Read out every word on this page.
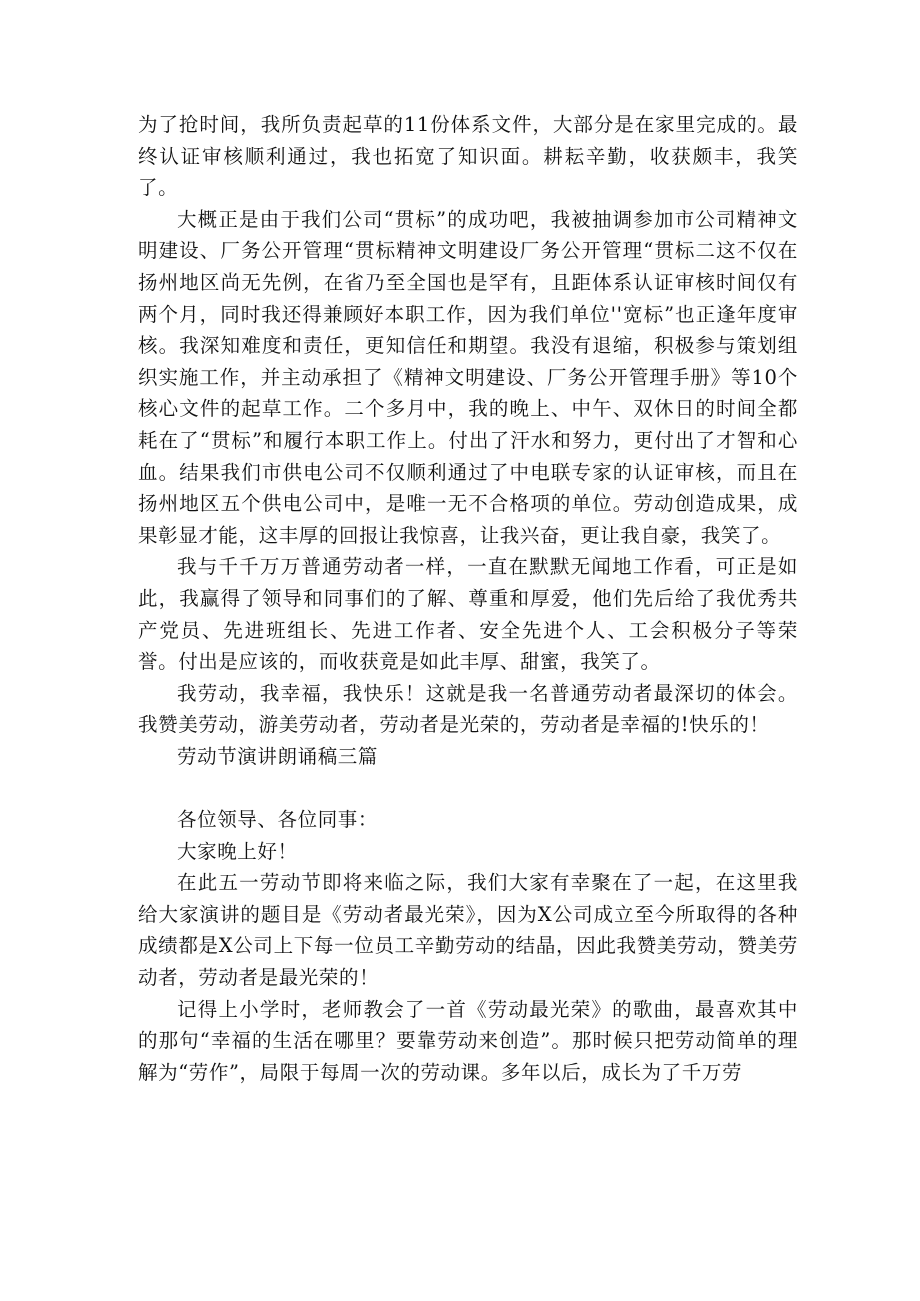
为了抢时间，我所负责起草的11份体系文件，大部分是在家里完成的。最终认证审核顺利通过，我也拓宽了知识面。耕耘辛勤，收获颇丰，我笑了。

大概正是由于我们公司“贯标”的成功吧，我被抽调参加市公司精神文明建设、厂务公开管理“贯标精神文明建设厂务公开管理“贯标二这不仅在扬州地区尚无先例，在省乃至全国也是罕有，且距体系认证审核时间仅有两个月，同时我还得兼顾好本职工作，因为我们单位''宽标”也正逢年度审核。我深知难度和责任，更知信任和期望。我没有退缩，积极参与策划组织实施工作，并主动承担了《精神文明建设、厂务公开管理手册》等10个核心文件的起草工作。二个多月中，我的晚上、中午、双休日的时间全都耗在了“贯标”和履行本职工作上。付出了汗水和努力，更付出了才智和心血。结果我们市供电公司不仅顺利通过了中电联专家的认证审核，而且在扬州地区五个供电公司中，是唯一无不合格项的单位。劳动创造成果，成果彰显才能，这丰厚的回报让我惊喜，让我兴奋，更让我自豪，我笑了。

我与千千万万普通劳动者一样，一直在默默无闻地工作看，可正是如此，我赢得了领导和同事们的了解、尊重和厚爱，他们先后给了我优秀共产党员、先进班组长、先进工作者、安全先进个人、工会积极分子等荣誉。付出是应该的，而收获竟是如此丰厚、甜蜜，我笑了。

我劳动，我幸福，我快乐！这就是我一名普通劳动者最深切的体会。我赞美劳动，游美劳动者，劳动者是光荣的，劳动者是幸福的!快乐的！

劳动节演讲朗诵稿三篇

各位领导、各位同事：

大家晚上好！

在此五一劳动节即将来临之际，我们大家有幸聚在了一起，在这里我给大家演讲的题目是《劳动者最光荣》，因为X公司成立至今所取得的各种成绩都是X公司上下每一位员工辛勤劳动的结晶，因此我赞美劳动，赞美劳动者，劳动者是最光荣的！

记得上小学时，老师教会了一首《劳动最光荣》的歌曲，最喜欢其中的那句“幸福的生活在哪里？要靠劳动来创造”。那时候只把劳动简单的理解为“劳作”，局限于每周一次的劳动课。多年以后，成长为了千万劳
